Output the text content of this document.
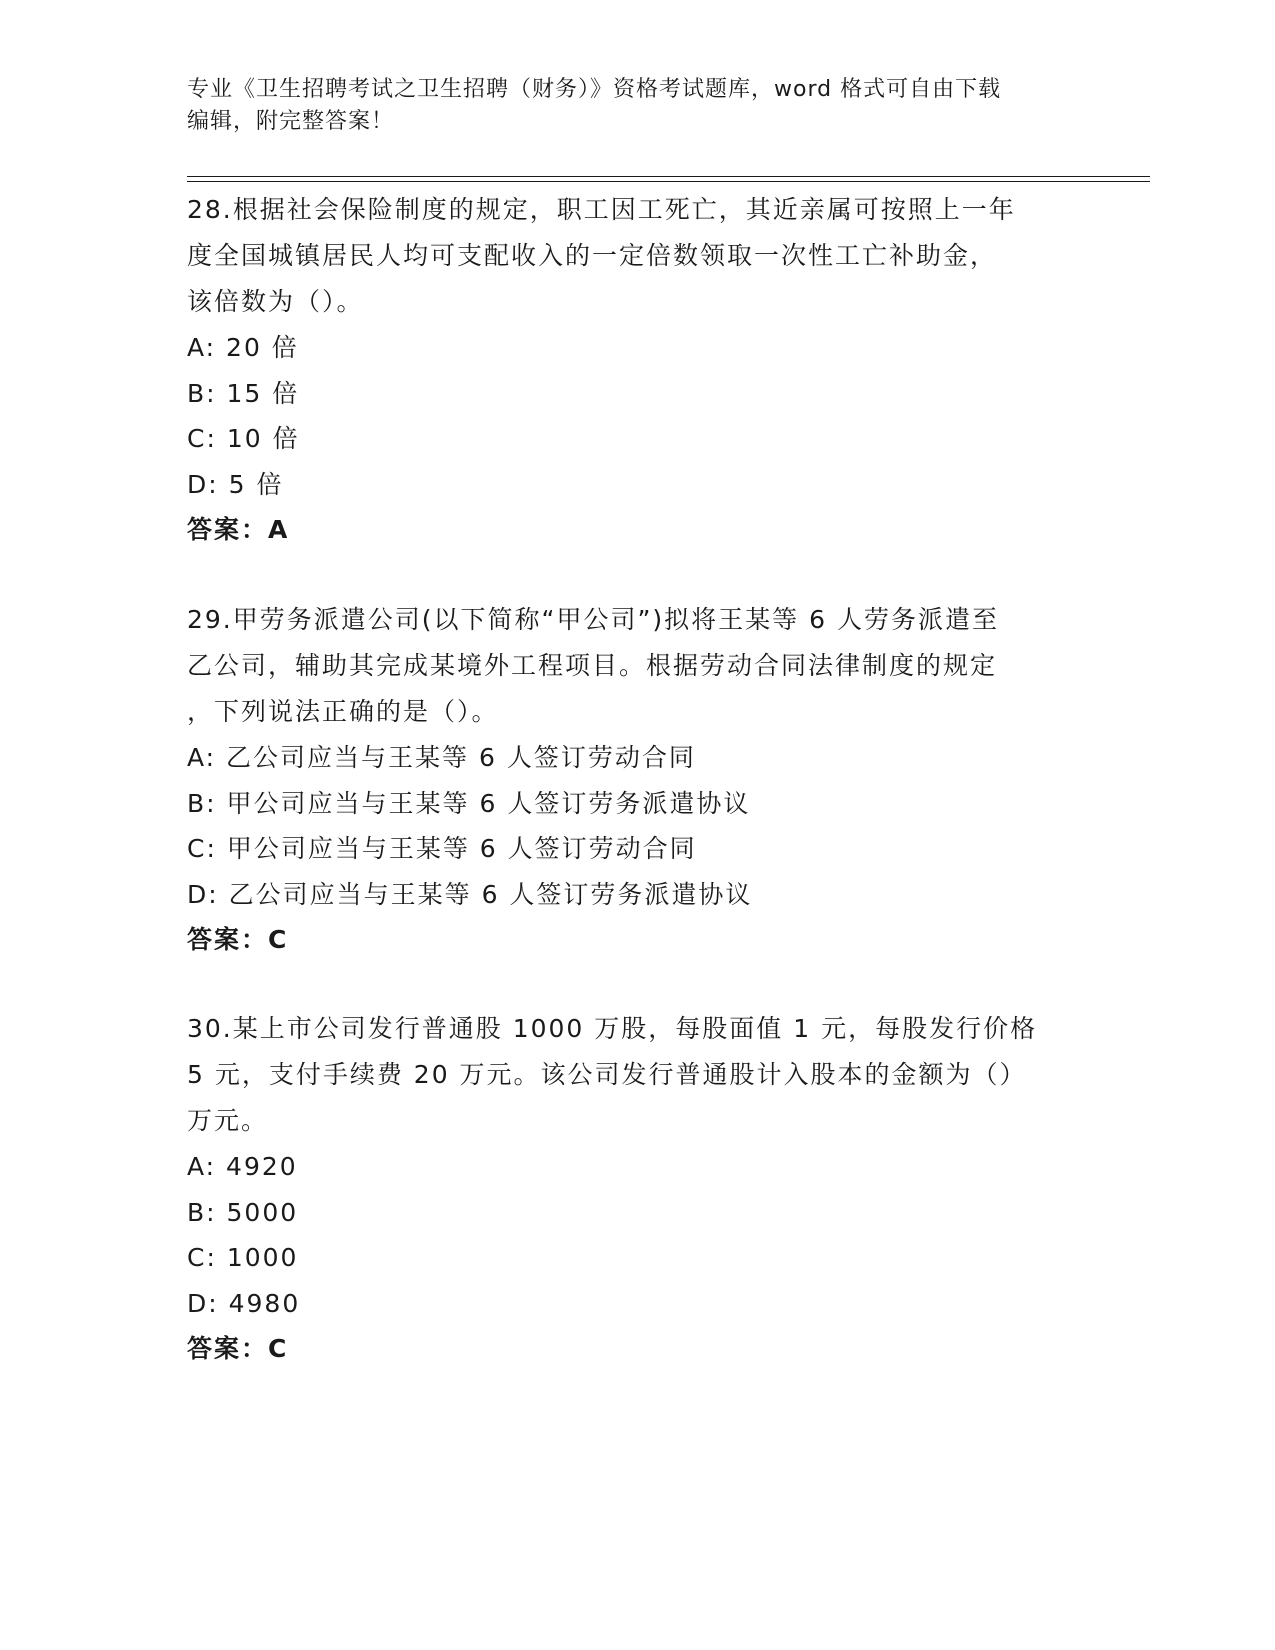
专业《卫生招聘考试之卫生招聘（财务）》资格考试题库，word 格式可自由下载
编辑，附完整答案！
28.根据社会保险制度的规定，职工因工死亡，其近亲属可按照上一年
度全国城镇居民人均可支配收入的一定倍数领取一次性工亡补助金，
该倍数为（）。
A: 20 倍
B: 15 倍
C: 10 倍
D: 5 倍
答案：A
29.甲劳务派遣公司(以下简称“甲公司”)拟将王某等 6 人劳务派遣至
乙公司，辅助其完成某境外工程项目。根据劳动合同法律制度的规定
，下列说法正确的是（）。
A: 乙公司应当与王某等 6 人签订劳动合同
B: 甲公司应当与王某等 6 人签订劳务派遣协议
C: 甲公司应当与王某等 6 人签订劳动合同
D: 乙公司应当与王某等 6 人签订劳务派遣协议
答案：C
30.某上市公司发行普通股 1000 万股，每股面值 1 元，每股发行价格
5 元，支付手续费 20 万元。该公司发行普通股计入股本的金额为（）
万元。
A: 4920
B: 5000
C: 1000
D: 4980
答案：C
